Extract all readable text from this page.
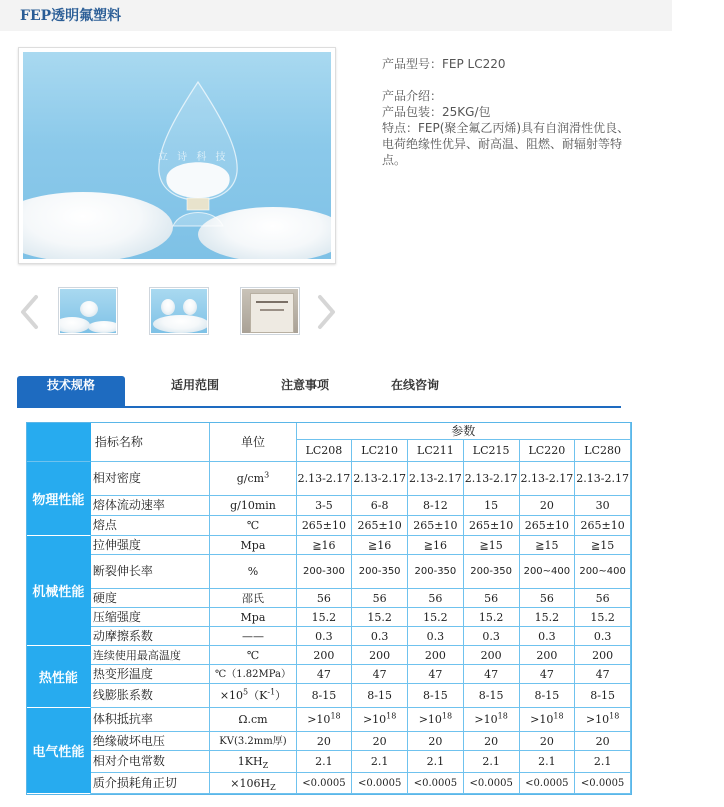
FEP透明氟塑料
立 诗 科 技

产品型号：FEP LC220

产品介绍：

产品包装：25KG/包

特点：FEP(聚全氟乙丙烯)具有自润滑性优良、

电荷绝缘性优异、耐高温、阻燃、耐辐射等特

点。

技术规格	适用范围	注意事项	在线咨询
	指标名称	单位	参数					
			LC208	LC210	LC211	LC215	LC220	LC280
物理性能	相对密度	$g/cm^3$	2.13-2.17	2.13-2.17	2.13-2.17	2.13-2.17	2.13-2.17	2.13-2.17
	熔体流动速率	g/10min	3-5	6-8	8-12	15	20	30
	熔点	℃	265±10	265±10	265±10	265±10	265±10	265±10
机械性能	拉伸强度	Mpa	≧16	≧16	≧16	≧15	≧15	≧15
	断裂伸长率	%	200-300	200-350	200-350	200-350	200~400	200~400
	硬度	邵氏	56	56	56	56	56	56
	压缩强度	Mpa	15.2	15.2	15.2	15.2	15.2	15.2
	动摩擦系数	——	0.3	0.3	0.3	0.3	0.3	0.3
热性能	连续使用最高温度	℃	200	200	200	200	200	200
	热变形温度	℃（1.82MPa）	47	47	47	47	47	47
	线膨胀系数	$\times 10^5(K^{-1})$	8-15	8-15	8-15	8-15	8-15	8-15
电气性能	体积抵抗率	Ω.cm	$>10^{18}$	$>10^{18}$	$>10^{18}$	$>10^{18}$	$>10^{18}$	$>10^{18}$
	绝缘破坏电压	KV(3.2mm厚)	20	20	20	20	20	20
	相对介电常数	$1KH_Z$	2.1	2.1	2.1	2.1	2.1	2.1
	质介损耗角正切	$\times 106H_Z$	<0.0005	<0.0005	<0.0005	<0.0005	<0.0005	<0.0005
